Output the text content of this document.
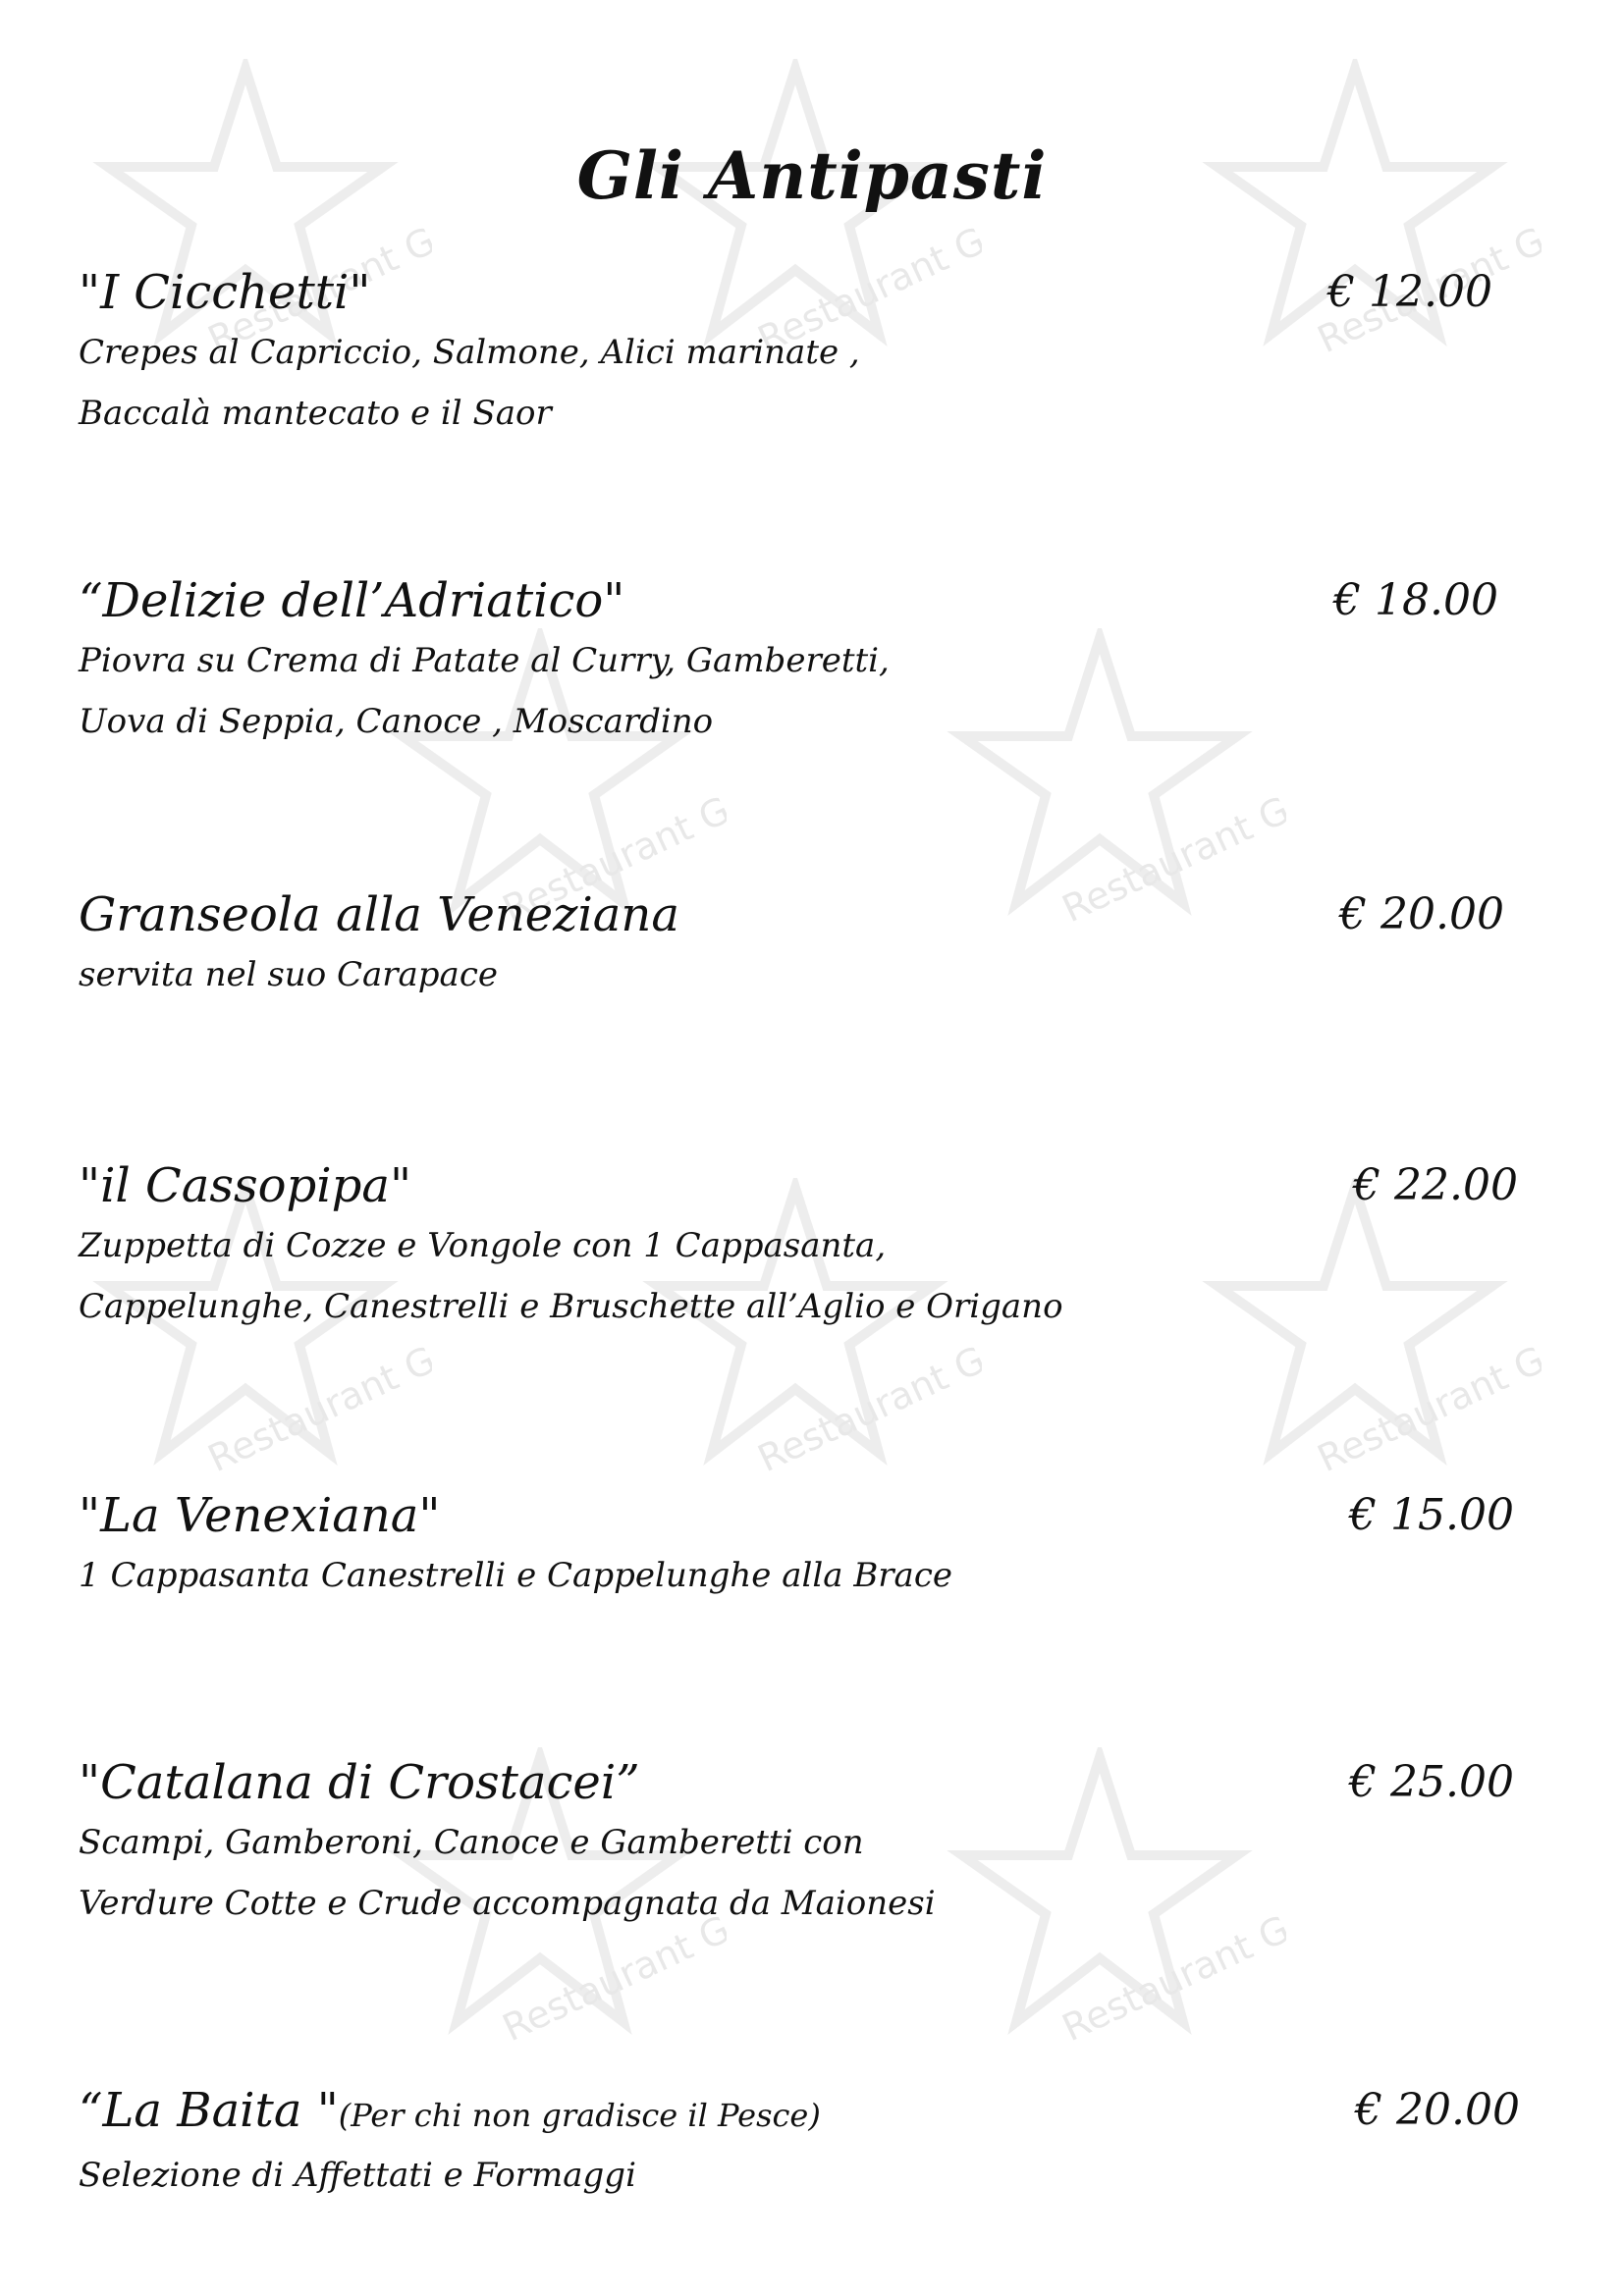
Restaurant Guru
Restaurant Guru
Restaurant Guru
Restaurant Guru
Restaurant Guru
Restaurant Guru
Restaurant Guru
Restaurant Guru
Restaurant Guru
Restaurant Guru
Gli Antipasti
"I Cicchetti"	€ 12.00
Crepes al Capriccio, Salmone, Alici marinate ,
Baccalà mantecato e il Saor
“Delizie dell’Adriatico"	€ 18.00
Piovra su Crema di Patate al Curry, Gamberetti,
Uova di Seppia, Canoce , Moscardino
Granseola alla Veneziana	€ 20.00
servita nel suo Carapace
"il Cassopipa"	€ 22.00
Zuppetta di Cozze e Vongole con 1 Cappasanta,
Cappelunghe, Canestrelli e Bruschette all’Aglio e Origano
"La Venexiana"	€ 15.00
1 Cappasanta Canestrelli e Cappelunghe alla Brace
"Catalana di Crostacei”	€ 25.00
Scampi, Gamberoni, Canoce e Gamberetti con
Verdure Cotte e Crude accompagnata da Maionesi
“La Baita "(Per chi non gradisce il Pesce)	€ 20.00
Selezione di Affettati e Formaggi
